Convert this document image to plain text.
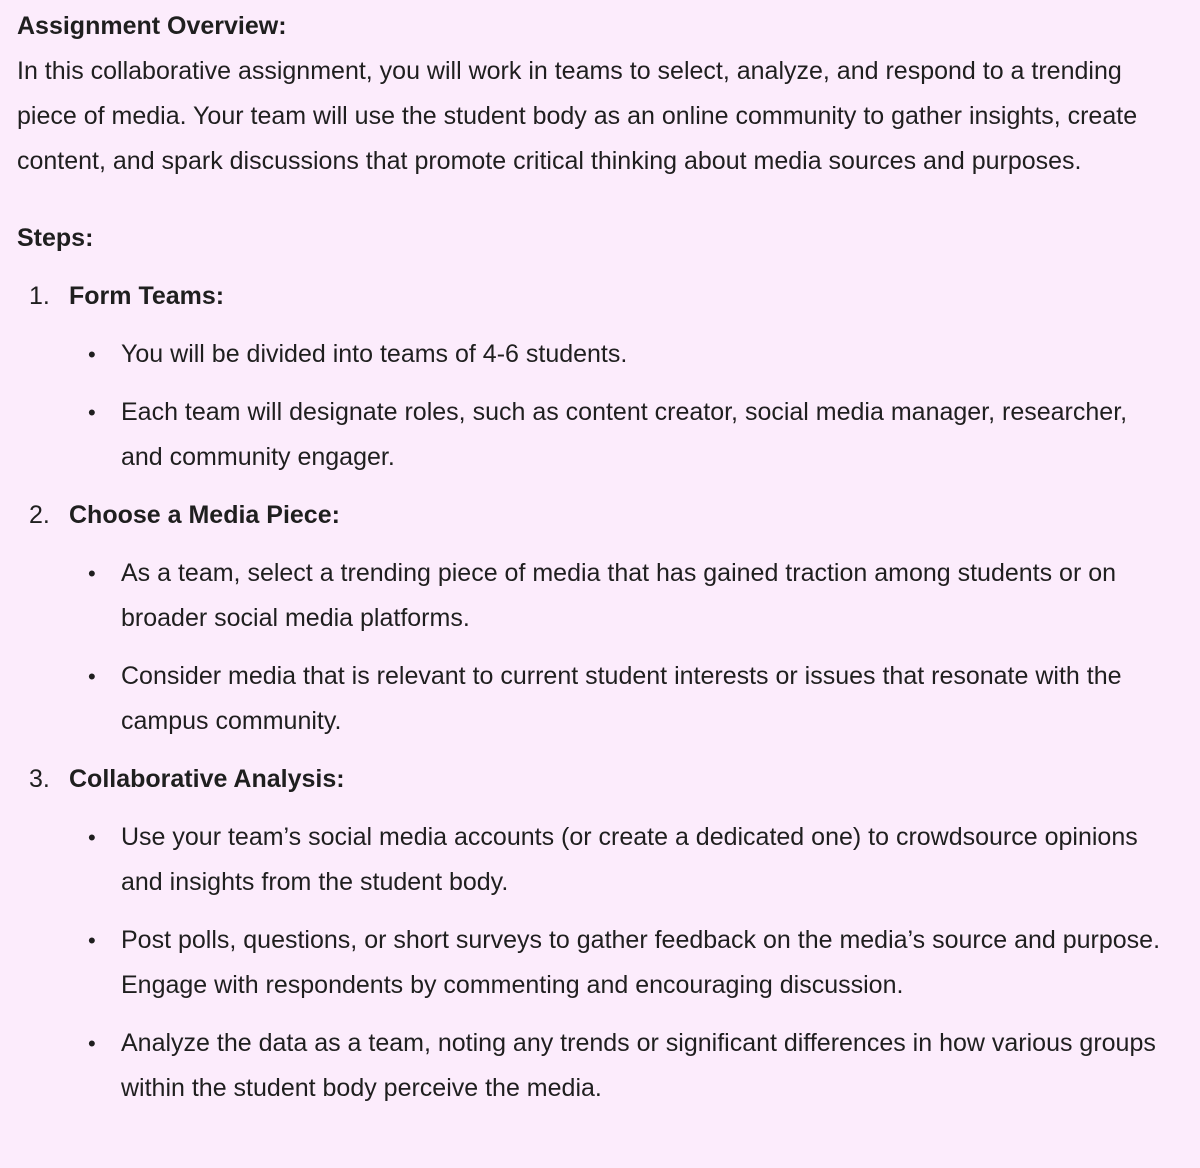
Assignment Overview:

In this collaborative assignment, you will work in teams to select, analyze, and respond to a trending piece of media. Your team will use the student body as an online community to gather insights, create content, and spark discussions that promote critical thinking about media sources and purposes.

Steps:

1. Form Teams:
• You will be divided into teams of 4-6 students.
• Each team will designate roles, such as content creator, social media manager, researcher, and community engager.
2. Choose a Media Piece:
• As a team, select a trending piece of media that has gained traction among students or on broader social media platforms.
• Consider media that is relevant to current student interests or issues that resonate with the campus community.
3. Collaborative Analysis:
• Use your team’s social media accounts (or create a dedicated one) to crowdsource opinions and insights from the student body.
• Post polls, questions, or short surveys to gather feedback on the media’s source and purpose. Engage with respondents by commenting and encouraging discussion.
• Analyze the data as a team, noting any trends or significant differences in how various groups within the student body perceive the media.
